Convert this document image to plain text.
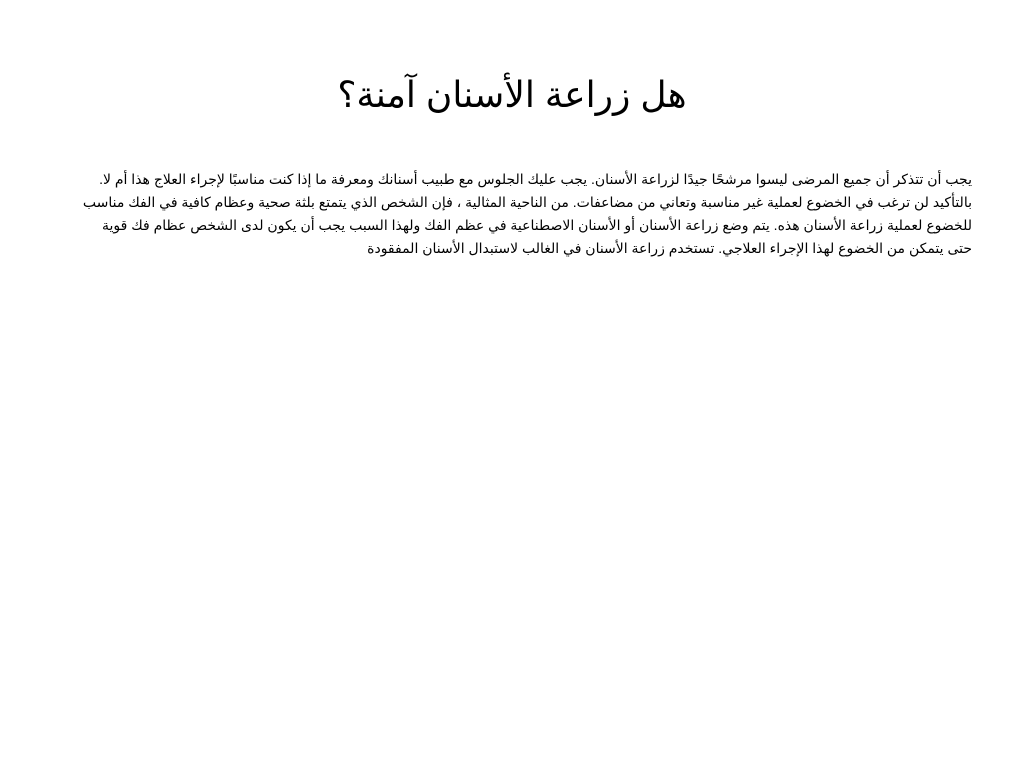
هل زراعة الأسنان آمنة؟

يجب أن تتذكر أن جميع المرضى ليسوا مرشحًا جيدًا لزراعة الأسنان. يجب عليك الجلوس مع طبيب أسنانك ومعرفة ما إذا كنت مناسبًا لإجراء العلاج هذا أم لا. بالتأكيد لن ترغب في الخضوع لعملية غير مناسبة وتعاني من مضاعفات. من الناحية المثالية ، فإن الشخص الذي يتمتع بلثة صحية وعظام كافية في الفك مناسب للخضوع لعملية زراعة الأسنان هذه. يتم وضع زراعة الأسنان أو الأسنان الاصطناعية في عظم الفك ولهذا السبب يجب أن يكون لدى الشخص عظام فك قوية حتى يتمكن من الخضوع لهذا الإجراء العلاجي. تستخدم زراعة الأسنان في الغالب لاستبدال الأسنان المفقودة
